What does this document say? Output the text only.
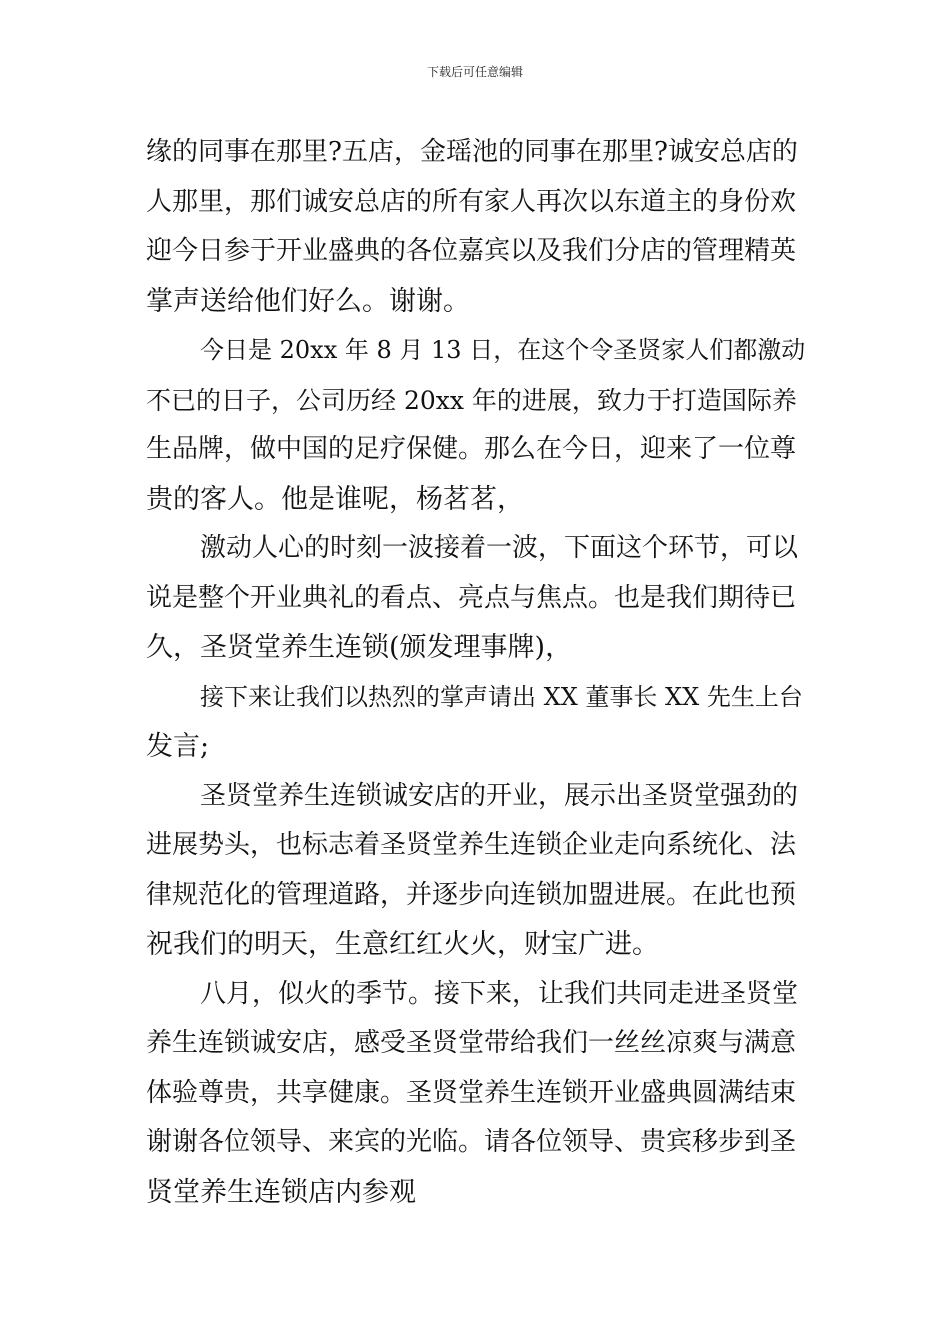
下载后可任意编辑
缘的同事在那里?五店，金瑶池的同事在那里?诚安总店的
人那里，那们诚安总店的所有家人再次以东道主的身份欢
迎今日参于开业盛典的各位嘉宾以及我们分店的管理精英
掌声送给他们好么。谢谢。
今日是 20xx 年 8 月 13 日，在这个令圣贤家人们都激动
不已的日子，公司历经 20xx 年的进展，致力于打造国际养
生品牌，做中国的足疗保健。那么在今日，迎来了一位尊
贵的客人。他是谁呢，杨茗茗，
激动人心的时刻一波接着一波，下面这个环节，可以
说是整个开业典礼的看点、亮点与焦点。也是我们期待已
久，圣贤堂养生连锁(颁发理事牌)，
接下来让我们以热烈的掌声请出 XX 董事长 XX 先生上台
发言;
圣贤堂养生连锁诚安店的开业，展示出圣贤堂强劲的
进展势头，也标志着圣贤堂养生连锁企业走向系统化、法
律规范化的管理道路，并逐步向连锁加盟进展。在此也预
祝我们的明天，生意红红火火，财宝广进。
八月，似火的季节。接下来，让我们共同走进圣贤堂
养生连锁诚安店，感受圣贤堂带给我们一丝丝凉爽与满意
体验尊贵，共享健康。圣贤堂养生连锁开业盛典圆满结束
谢谢各位领导、来宾的光临。请各位领导、贵宾移步到圣
贤堂养生连锁店内参观
